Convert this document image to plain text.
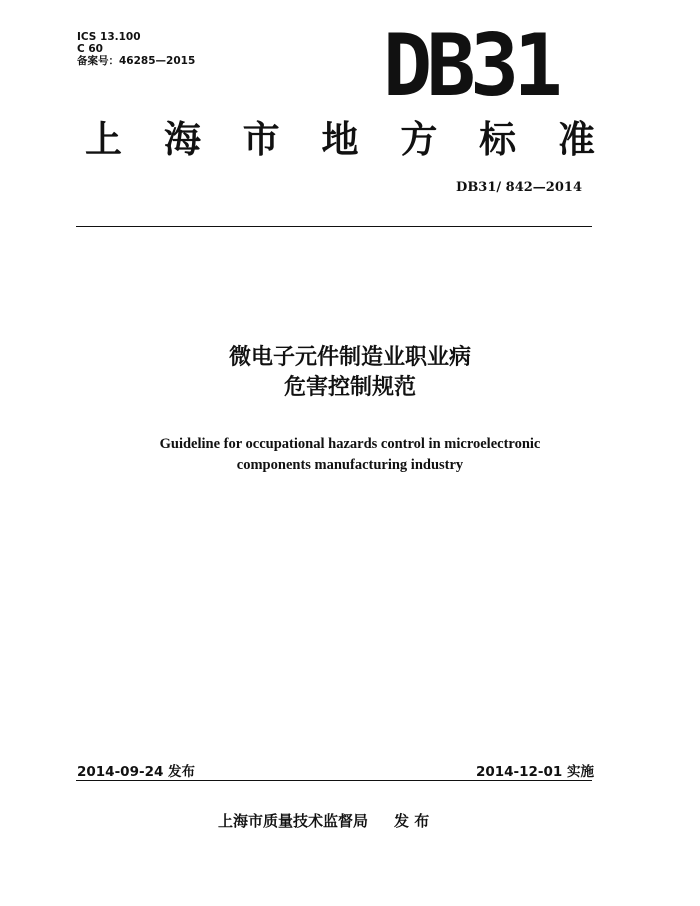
ICS 13.100
C 60
备案号：46285—2015 DB31
上 海 市 地 方 标 准
DB31/ 842—2014
微电子元件制造业职业病
危害控制规范
Guideline for occupational hazards control in microelectronic
components manufacturing industry
2014-09-24 发布	2014-12-01 实施
上海市质量技术监督局 发 布
